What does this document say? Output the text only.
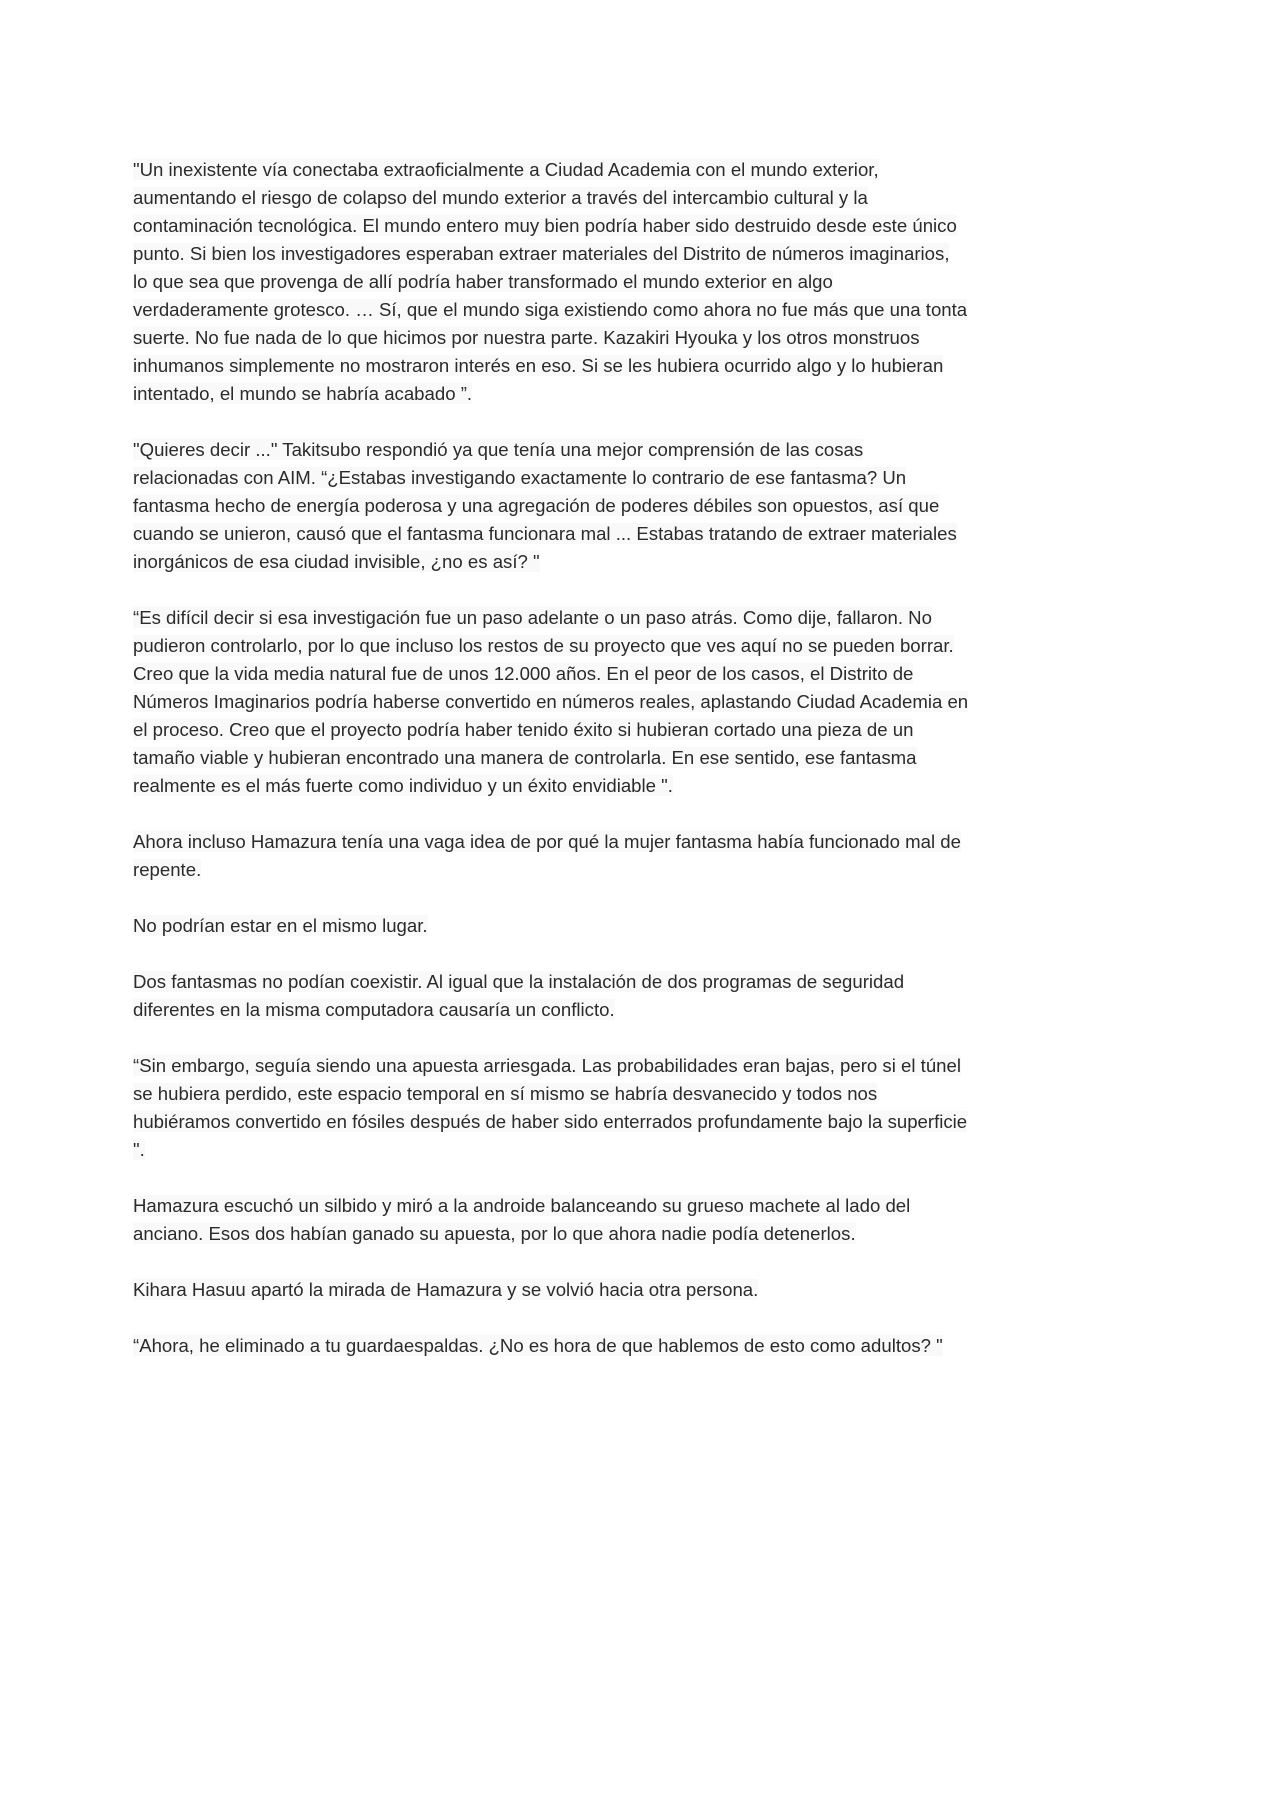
"Un inexistente vía conectaba extraoficialmente a Ciudad Academia con el mundo exterior, aumentando el riesgo de colapso del mundo exterior a través del intercambio cultural y la contaminación tecnológica. El mundo entero muy bien podría haber sido destruido desde este único punto. Si bien los investigadores esperaban extraer materiales del Distrito de números imaginarios, lo que sea que provenga de allí podría haber transformado el mundo exterior en algo verdaderamente grotesco. … Sí, que el mundo siga existiendo como ahora no fue más que una tonta suerte. No fue nada de lo que hicimos por nuestra parte. Kazakiri Hyouka y los otros monstruos inhumanos simplemente no mostraron interés en eso. Si se les hubiera ocurrido algo y lo hubieran intentado, el mundo se habría acabado ”.

"Quieres decir ..." Takitsubo respondió ya que tenía una mejor comprensión de las cosas relacionadas con AIM. “¿Estabas investigando exactamente lo contrario de ese fantasma? Un fantasma hecho de energía poderosa y una agregación de poderes débiles son opuestos, así que cuando se unieron, causó que el fantasma funcionara mal ... Estabas tratando de extraer materiales inorgánicos de esa ciudad invisible, ¿no es así? "

“Es difícil decir si esa investigación fue un paso adelante o un paso atrás. Como dije, fallaron. No pudieron controlarlo, por lo que incluso los restos de su proyecto que ves aquí no se pueden borrar. Creo que la vida media natural fue de unos 12.000 años. En el peor de los casos, el Distrito de Números Imaginarios podría haberse convertido en números reales, aplastando Ciudad Academia en el proceso. Creo que el proyecto podría haber tenido éxito si hubieran cortado una pieza de un tamaño viable y hubieran encontrado una manera de controlarla. En ese sentido, ese fantasma realmente es el más fuerte como individuo y un éxito envidiable ".

Ahora incluso Hamazura tenía una vaga idea de por qué la mujer fantasma había funcionado mal de repente.

No podrían estar en el mismo lugar.

Dos fantasmas no podían coexistir. Al igual que la instalación de dos programas de seguridad diferentes en la misma computadora causaría un conflicto.

“Sin embargo, seguía siendo una apuesta arriesgada. Las probabilidades eran bajas, pero si el túnel se hubiera perdido, este espacio temporal en sí mismo se habría desvanecido y todos nos hubiéramos convertido en fósiles después de haber sido enterrados profundamente bajo la superficie ".

Hamazura escuchó un silbido y miró a la androide balanceando su grueso machete al lado del anciano. Esos dos habían ganado su apuesta, por lo que ahora nadie podía detenerlos.

Kihara Hasuu apartó la mirada de Hamazura y se volvió hacia otra persona.

“Ahora, he eliminado a tu guardaespaldas. ¿No es hora de que hablemos de esto como adultos? "
